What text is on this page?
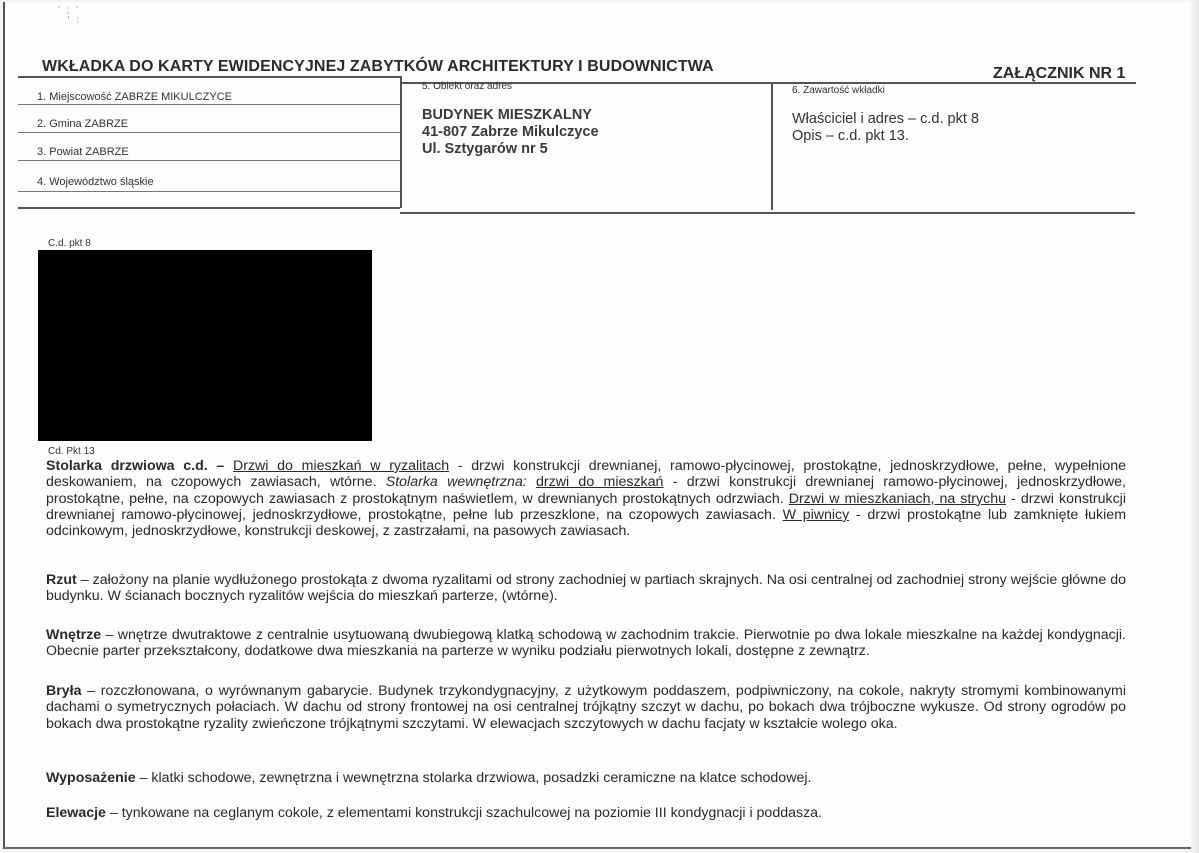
' ; '
' :
WKŁADKA DO KARTY EWIDENCYJNEJ ZABYTKÓW ARCHITEKTURY I BUDOWNICTWA	ZAŁĄCZNIK NR 1
1. Miejscowość ZABRZE MIKULCZYCE
2. Gmina ZABRZE
3. Powiat ZABRZE
4. Województwo śląskie
5. Obiekt oraz adres
BUDYNEK MIESZKALNY
41-807 Zabrze Mikulczyce
Ul. Sztygarów nr 5
6. Zawartość wkładki
Właściciel i adres – c.d. pkt 8
Opis – c.d. pkt 13.
C.d. pkt 8
Cd. Pkt 13
Stolarka drzwiowa c.d. – Drzwi do mieszkań w ryzalitach - drzwi konstrukcji drewnianej, ramowo-płycinowej, prostokątne, jednoskrzydłowe, pełne, wypełnione deskowaniem, na czopowych zawiasach, wtórne. Stolarka wewnętrzna: drzwi do mieszkań - drzwi konstrukcji drewnianej ramowo-płycinowej, jednoskrzydłowe, prostokątne, pełne, na czopowych zawiasach z prostokątnym naświetlem, w drewnianych prostokątnych odrzwiach. Drzwi w mieszkaniach, na strychu - drzwi konstrukcji drewnianej ramowo-płycinowej, jednoskrzydłowe, prostokątne, pełne lub przeszklone, na czopowych zawiasach. W piwnicy - drzwi prostokątne lub zamknięte łukiem odcinkowym, jednoskrzydłowe, konstrukcji deskowej, z zastrzałami, na pasowych zawiasach.
Rzut – założony na planie wydłużonego prostokąta z dwoma ryzalitami od strony zachodniej w partiach skrajnych. Na osi centralnej od zachodniej strony wejście główne do budynku. W ścianach bocznych ryzalitów wejścia do mieszkań parterze, (wtórne).
Wnętrze – wnętrze dwutraktowe z centralnie usytuowaną dwubiegową klatką schodową w zachodnim trakcie. Pierwotnie po dwa lokale mieszkalne na każdej kondygnacji. Obecnie parter przekształcony, dodatkowe dwa mieszkania na parterze w wyniku podziału pierwotnych lokali, dostępne z zewnątrz.
Bryła – rozczłonowana, o wyrównanym gabarycie. Budynek trzykondygnacyjny, z użytkowym poddaszem, podpiwniczony, na cokole, nakryty stromymi kombinowanymi dachami o symetrycznych połaciach. W dachu od strony frontowej na osi centralnej trójkątny szczyt w dachu, po bokach dwa trójboczne wykusze. Od strony ogrodów po bokach dwa prostokątne ryzality zwieńczone trójkątnymi szczytami. W elewacjach szczytowych w dachu facjaty w kształcie wolego oka.
Wyposażenie – klatki schodowe, zewnętrzna i wewnętrzna stolarka drzwiowa, posadzki ceramiczne na klatce schodowej.
Elewacje – tynkowane na ceglanym cokole, z elementami konstrukcji szachulcowej na poziomie III kondygnacji i poddasza.
